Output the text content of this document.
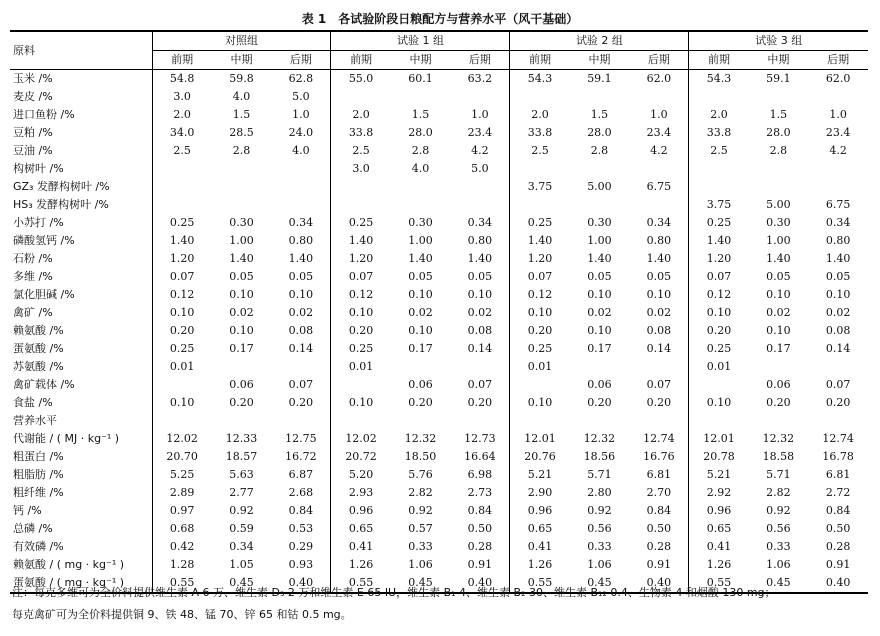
表 1　各试验阶段日粮配方与营养水平（风干基础）
原料	对照组			试验 1 组			试验 2 组			试验 3 组		
	前期	中期	后期	前期	中期	后期	前期	中期	后期	前期	中期	后期
玉米 /%	54.8	59.8	62.8	55.0	60.1	63.2	54.3	59.1	62.0	54.3	59.1	62.0
麦皮 /%	3.0	4.0	5.0									
进口鱼粉 /%	2.0	1.5	1.0	2.0	1.5	1.0	2.0	1.5	1.0	2.0	1.5	1.0
豆粕 /%	34.0	28.5	24.0	33.8	28.0	23.4	33.8	28.0	23.4	33.8	28.0	23.4
豆油 /%	2.5	2.8	4.0	2.5	2.8	4.2	2.5	2.8	4.2	2.5	2.8	4.2
构树叶 /%				3.0	4.0	5.0						
GZ₃ 发酵构树叶 /%							3.75	5.00	6.75			
HS₃ 发酵构树叶 /%										3.75	5.00	6.75
小苏打 /%	0.25	0.30	0.34	0.25	0.30	0.34	0.25	0.30	0.34	0.25	0.30	0.34
磷酸氢钙 /%	1.40	1.00	0.80	1.40	1.00	0.80	1.40	1.00	0.80	1.40	1.00	0.80
石粉 /%	1.20	1.40	1.40	1.20	1.40	1.40	1.20	1.40	1.40	1.20	1.40	1.40
多维 /%	0.07	0.05	0.05	0.07	0.05	0.05	0.07	0.05	0.05	0.07	0.05	0.05
氯化胆碱 /%	0.12	0.10	0.10	0.12	0.10	0.10	0.12	0.10	0.10	0.12	0.10	0.10
禽矿 /%	0.10	0.02	0.02	0.10	0.02	0.02	0.10	0.02	0.02	0.10	0.02	0.02
赖氨酸 /%	0.20	0.10	0.08	0.20	0.10	0.08	0.20	0.10	0.08	0.20	0.10	0.08
蛋氨酸 /%	0.25	0.17	0.14	0.25	0.17	0.14	0.25	0.17	0.14	0.25	0.17	0.14
苏氨酸 /%	0.01			0.01			0.01			0.01		
禽矿载体 /%		0.06	0.07		0.06	0.07		0.06	0.07		0.06	0.07
食盐 /%	0.10	0.20	0.20	0.10	0.20	0.20	0.10	0.20	0.20	0.10	0.20	0.20
营养水平												
代谢能 / ( MJ · kg⁻¹ )	12.02	12.33	12.75	12.02	12.32	12.73	12.01	12.32	12.74	12.01	12.32	12.74
粗蛋白 /%	20.70	18.57	16.72	20.72	18.50	16.64	20.76	18.56	16.76	20.78	18.58	16.78
粗脂肪 /%	5.25	5.63	6.87	5.20	5.76	6.98	5.21	5.71	6.81	5.21	5.71	6.81
粗纤维 /%	2.89	2.77	2.68	2.93	2.82	2.73	2.90	2.80	2.70	2.92	2.82	2.72
钙 /%	0.97	0.92	0.84	0.96	0.92	0.84	0.96	0.92	0.84	0.96	0.92	0.84
总磷 /%	0.68	0.59	0.53	0.65	0.57	0.50	0.65	0.56	0.50	0.65	0.56	0.50
有效磷 /%	0.42	0.34	0.29	0.41	0.33	0.28	0.41	0.33	0.28	0.41	0.33	0.28
赖氨酸 / ( mg · kg⁻¹ )	1.28	1.05	0.93	1.26	1.06	0.91	1.26	1.06	0.91	1.26	1.06	0.91
蛋氨酸 / ( mg · kg⁻¹ )	0.55	0.45	0.40	0.55	0.45	0.40	0.55	0.45	0.40	0.55	0.45	0.40
注：每克多维可为全价料提供维生素 A 6 万、维生素 D₃ 2 万和维生素 E 65 IU，维生素 B₁ 4、维生素 B₂ 30、维生素 B₁₂ 0.4、生物素 4 和烟酸 130 mg；
每克禽矿可为全价料提供铜 9、铁 48、锰 70、锌 65 和钴 0.5 mg。
